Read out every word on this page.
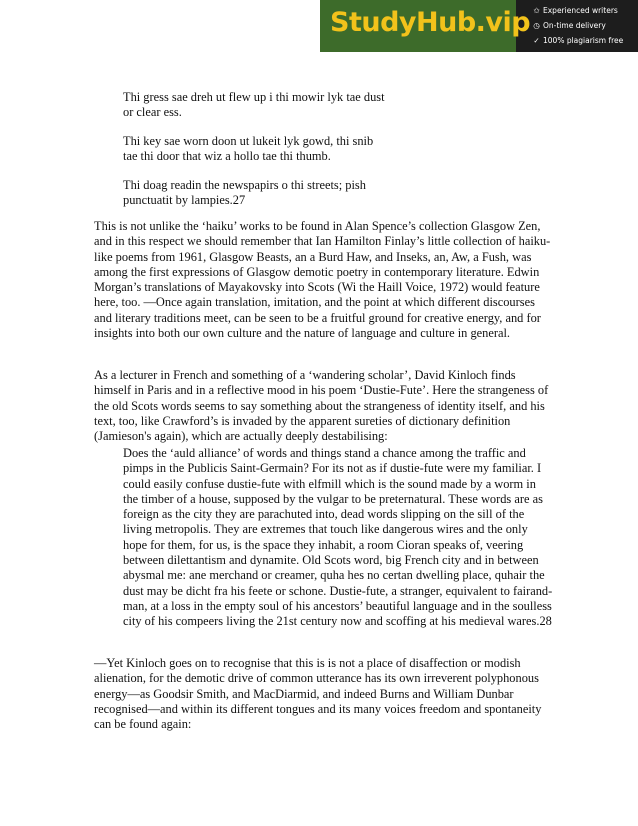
StudyHub.vip ✩ Experienced writers
◷ On-time delivery
✓ 100% plagiarism free

Thi gress sae dreh ut flew up i thi mowir lyk tae dust
or clear ess.

Thi key sae worn doon ut lukeit lyk gowd, thi snib
tae thi door that wiz a hollo tae thi thumb.

Thi doag readin the newspapirs o thi streets; pish
punctuatit by lampies.27

This is not unlike the ‘haiku’ works to be found in Alan Spence’s collection Glasgow Zen, and in this respect we should remember that Ian Hamilton Finlay’s little collection of haiku-like poems from 1961, Glasgow Beasts, an a Burd Haw, and Inseks, an, Aw, a Fush, was among the first expressions of Glasgow demotic poetry in contemporary literature. Edwin Morgan’s translations of Mayakovsky into Scots (Wi the Haill Voice, 1972) would feature here, too. —Once again translation, imitation, and the point at which different discourses and literary traditions meet, can be seen to be a fruitful ground for creative energy, and for insights into both our own culture and the nature of language and culture in general.

As a lecturer in French and something of a ‘wandering scholar’, David Kinloch finds himself in Paris and in a reflective mood in his poem ‘Dustie-Fute’. Here the strangeness of the old Scots words seems to say something about the strangeness of identity itself, and his text, too, like Crawford’s is invaded by the apparent sureties of dictionary definition (Jamieson's again), which are actually deeply destabilising:

Does the ‘auld alliance’ of words and things stand a chance among the traffic and pimps in the Publicis Saint-Germain? For its not as if dustie-fute were my familiar. I could easily confuse dustie-fute with elfmill which is the sound made by a worm in the timber of a house, supposed by the vulgar to be preternatural. These words are as foreign as the city they are parachuted into, dead words slipping on the sill of the living metropolis. They are extremes that touch like dangerous wires and the only hope for them, for us, is the space they inhabit, a room Cioran speaks of, veering between dilettantism and dynamite. Old Scots word, big French city and in between abysmal me: ane merchand or creamer, quha hes no certan dwelling place, quhair the dust may be dicht fra his feete or schone. Dustie-fute, a stranger, equivalent to fairand-man, at a loss in the empty soul of his ancestors’ beautiful language and in the soulless city of his compeers living the 21st century now and scoffing at his medieval wares.28

—Yet Kinloch goes on to recognise that this is is not a place of disaffection or modish alienation, for the demotic drive of common utterance has its own irreverent polyphonous energy—as Goodsir Smith, and MacDiarmid, and indeed Burns and William Dunbar recognised—and within its different tongues and its many voices freedom and spontaneity can be found again:
